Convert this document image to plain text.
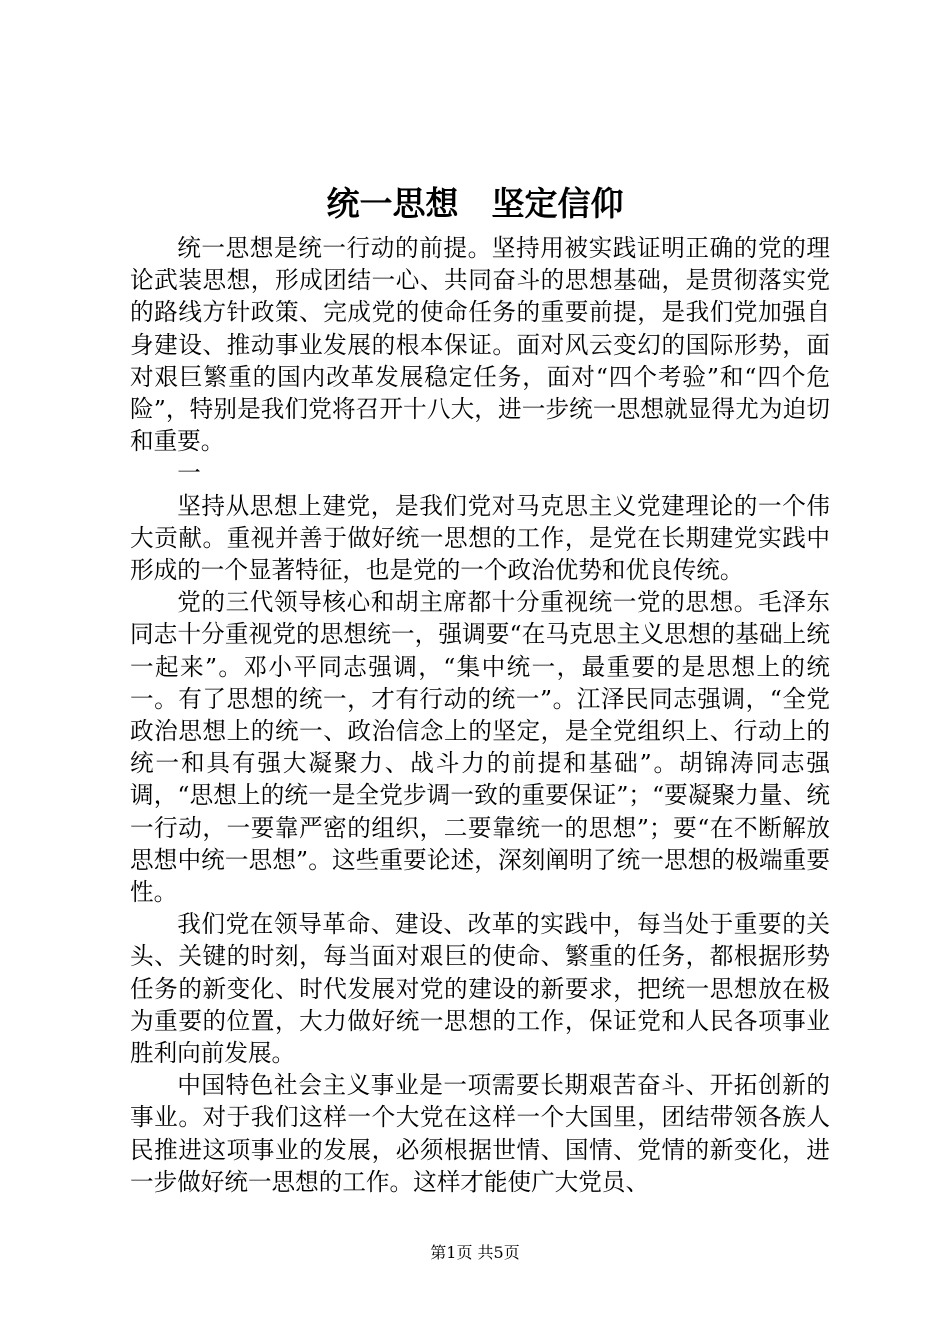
统一思想　坚定信仰

统一思想是统一行动的前提。坚持用被实践证明正确的党的理论武装思想，形成团结一心、共同奋斗的思想基础，是贯彻落实党的路线方针政策、完成党的使命任务的重要前提，是我们党加强自身建设、推动事业发展的根本保证。面对风云变幻的国际形势，面对艰巨繁重的国内改革发展稳定任务，面对“四个考验”和“四个危险”，特别是我们党将召开十八大，进一步统一思想就显得尤为迫切和重要。

一

坚持从思想上建党，是我们党对马克思主义党建理论的一个伟大贡献。重视并善于做好统一思想的工作，是党在长期建党实践中形成的一个显著特征，也是党的一个政治优势和优良传统。

党的三代领导核心和胡主席都十分重视统一党的思想。毛泽东同志十分重视党的思想统一，强调要“在马克思主义思想的基础上统一起来”。邓小平同志强调，“集中统一，最重要的是思想上的统一。有了思想的统一，才有行动的统一”。江泽民同志强调，“全党政治思想上的统一、政治信念上的坚定，是全党组织上、行动上的统一和具有强大凝聚力、战斗力的前提和基础”。胡锦涛同志强调，“思想上的统一是全党步调一致的重要保证”；“要凝聚力量、统一行动，一要靠严密的组织，二要靠统一的思想”；要“在不断解放思想中统一思想”。这些重要论述，深刻阐明了统一思想的极端重要性。

我们党在领导革命、建设、改革的实践中，每当处于重要的关头、关键的时刻，每当面对艰巨的使命、繁重的任务，都根据形势任务的新变化、时代发展对党的建设的新要求，把统一思想放在极为重要的位置，大力做好统一思想的工作，保证党和人民各项事业胜利向前发展。

中国特色社会主义事业是一项需要长期艰苦奋斗、开拓创新的事业。对于我们这样一个大党在这样一个大国里，团结带领各族人民推进这项事业的发展，必须根据世情、国情、党情的新变化，进一步做好统一思想的工作。这样才能使广大党员、

第1页 共5页
